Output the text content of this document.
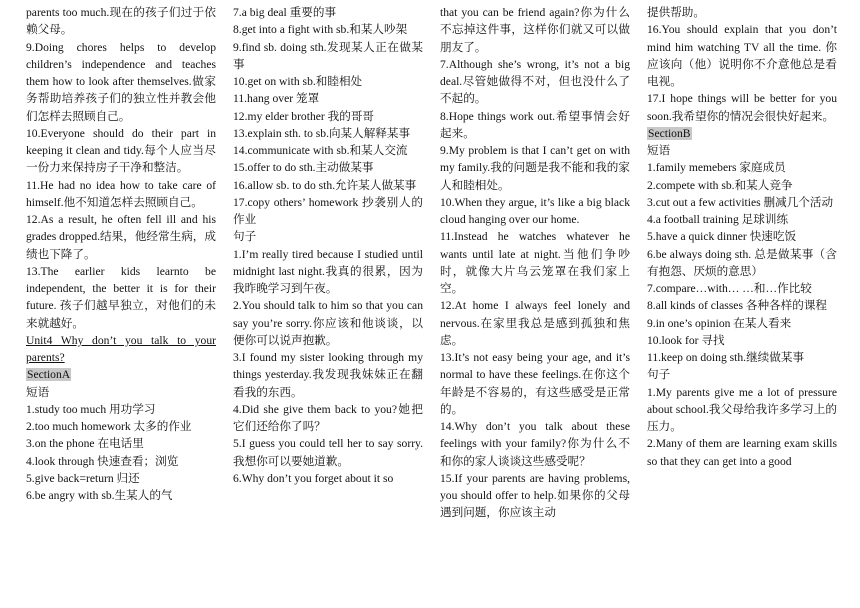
parents too much.现在的孩子们过于依赖父母。

9.Doing chores helps to develop children’s independence and teaches them how to look after themselves.做家务帮助培养孩子们的独立性并教会他们怎样去照顾自己。

10.Everyone should do their part in keeping it clean and tidy.每个人应当尽一份力来保持房子干净和整洁。

11.He had no idea how to take care of himself.他不知道怎样去照顾自己。

12.As a result, he often fell ill and his grades dropped.结果，他经常生病，成绩也下降了。

13.The earlier kids learnto be independent, the better it is for their future. 孩子们越早独立，对他们的未来就越好。

Unit4 Why don’t you talk to your parents?

SectionA

短语

1.study too much 用功学习

2.too much homework 太多的作业

3.on the phone 在电话里

4.look through 快速查看；浏览

5.give back=return 归还

6.be angry with sb.生某人的气

7.a big deal 重要的事

8.get into a fight with sb.和某人吵架

9.find sb. doing sth.发现某人正在做某事

10.get on with sb.和睦相处

11.hang over 笼罩

12.my elder brother 我的哥哥

13.explain sth. to sb.向某人解释某事

14.communicate with sb.和某人交流

15.offer to do sth.主动做某事

16.allow sb. to do sth.允许某人做某事

17.copy others’ homework 抄袭别人的作业

句子

1.I’m really tired because I studied until midnight last night.我真的很累，因为我昨晚学习到午夜。

2.You should talk to him so that you can say you’re sorry.你应该和他谈谈，以便你可以说声抱歉。

3.I found my sister looking through my things yesterday.我发现我妹妹正在翻看我的东西。

4.Did she give them back to you?她把它们还给你了吗？

5.I guess you could tell her to say sorry.我想你可以要她道歉。

6.Why don’t you forget about it so

that you can be friend again?你为什么不忘掉这件事，这样你们就又可以做朋友了。

7.Although she’s wrong, it’s not a big deal.尽管她做得不对，但也没什么了不起的。

8.Hope things work out.希望事情会好起来。

9.My problem is that I can’t get on with my family.我的问题是我不能和我的家人和睦相处。

10.When they argue, it’s like a big black cloud hanging over our home.

11.Instead he watches whatever he wants until late at night.当他们争吵时，就像大片乌云笼罩在我们家上空。

12.At home I always feel lonely and nervous.在家里我总是感到孤独和焦虑。

13.It’s not easy being your age, and it’s normal to have these feelings.在你这个年龄是不容易的，有这些感受是正常的。

14.Why don’t you talk about these feelings with your family?你为什么不和你的家人谈谈这些感受呢？

15.If your parents are having problems, you should offer to help.如果你的父母遇到问题，你应该主动

提供帮助。

16.You should explain that you don’t mind him watching TV all the time. 你应该向（他）说明你不介意他总是看电视。

17.I hope things will be better for you soon.我希望你的情况会很快好起来。

SectionB

短语

1.family memebers 家庭成员

2.compete with sb.和某人竞争

3.cut out a few activities 删减几个活动

4.a football training 足球训练

5.have a quick dinner 快速吃饭

6.be always doing sth. 总是做某事（含有抱怨、厌烦的意思）

7.compare…with… …和…作比较

8.all kinds of classes 各种各样的课程

9.in one’s opinion 在某人看来

10.look for 寻找

11.keep on doing sth.继续做某事

句子

1.My parents give me a lot of pressure about school.我父母给我许多学习上的压力。

2.Many of them are learning exam skills so that they can get into a good
